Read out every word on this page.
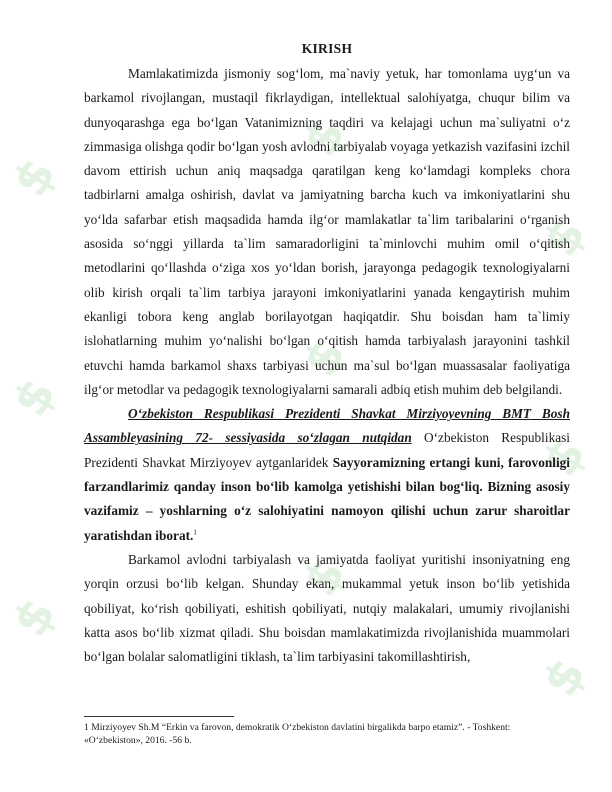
$
$
$
$
$
$
$
$
$
KIRISH

Mamlakatimizda jismoniy sog‘lom, ma`naviy yetuk, har tomonlama uyg‘un va barkamol rivojlangan, mustaqil fikrlaydigan, intellektual salohiyatga, chuqur bilim va dunyoqarashga ega bo‘lgan Vatanimizning taqdiri va kelajagi uchun ma`suliyatni o‘z zimmasiga olishga qodir bo‘lgan yosh avlodni tarbiyalab voyaga yetkazish vazifasini izchil davom ettirish uchun aniq maqsadga qaratilgan keng ko‘lamdagi kompleks chora tadbirlarni amalga oshirish, davlat va jamiyatning barcha kuch va imkoniyatlarini shu yo‘lda safarbar etish maqsadida hamda ilg‘or mamlakatlar ta`lim taribalarini o‘rganish asosida so‘nggi yillarda ta`lim samaradorligini ta`minlovchi muhim omil o‘qitish metodlarini qo‘llashda o‘ziga xos yo‘ldan borish, jarayonga pedagogik texnologiyalarni olib kirish orqali ta`lim tarbiya jarayoni imkoniyatlarini yanada kengaytirish muhim ekanligi tobora keng anglab borilayotgan haqiqatdir. Shu boisdan ham ta`limiy islohatlarning muhim yo‘nalishi bo‘lgan o‘qitish hamda tarbiyalash jarayonini tashkil etuvchi hamda barkamol shaxs tarbiyasi uchun ma`sul bo‘lgan muassasalar faoliyatiga ilg‘or metodlar va pedagogik texnologiyalarni samarali adbiq etish muhim deb belgilandi.

O‘zbekiston Respublikasi Prezidenti Shavkat Mirziyoyevning BMT Bosh Assambleyasining 72- sessiyasida so‘zlagan nutqidan O‘zbekiston Respublikasi Prezidenti Shavkat Mirziyoyev aytganlaridek Sayyoramizning ertangi kuni, farovonligi farzandlarimiz qanday inson bo‘lib kamolga yetishishi bilan bog‘liq. Bizning asosiy vazifamiz – yoshlarning o‘z salohiyatini namoyon qilishi uchun zarur sharoitlar yaratishdan iborat.$^1$

Barkamol avlodni tarbiyalash va jamiyatda faoliyat yuritishi insoniyatning eng yorqin orzusi bo‘lib kelgan. Shunday ekan, mukammal yetuk inson bo‘lib yetishida qobiliyat, ko‘rish qobiliyati, eshitish qobiliyati, nutqiy malakalari, umumiy rivojlanishi katta asos bo‘lib xizmat qiladi. Shu boisdan mamlakatimizda rivojlanishida muammolari bo‘lgan bolalar salomatligini tiklash, ta`lim tarbiyasini takomillashtirish,

1 Mirziyoyev Sh.M “Erkin va farovon, demokratik O‘zbekiston davlatini birgalikda barpo etamiz”. - Toshkent: «O‘zbekiston», 2016. -56 b.
